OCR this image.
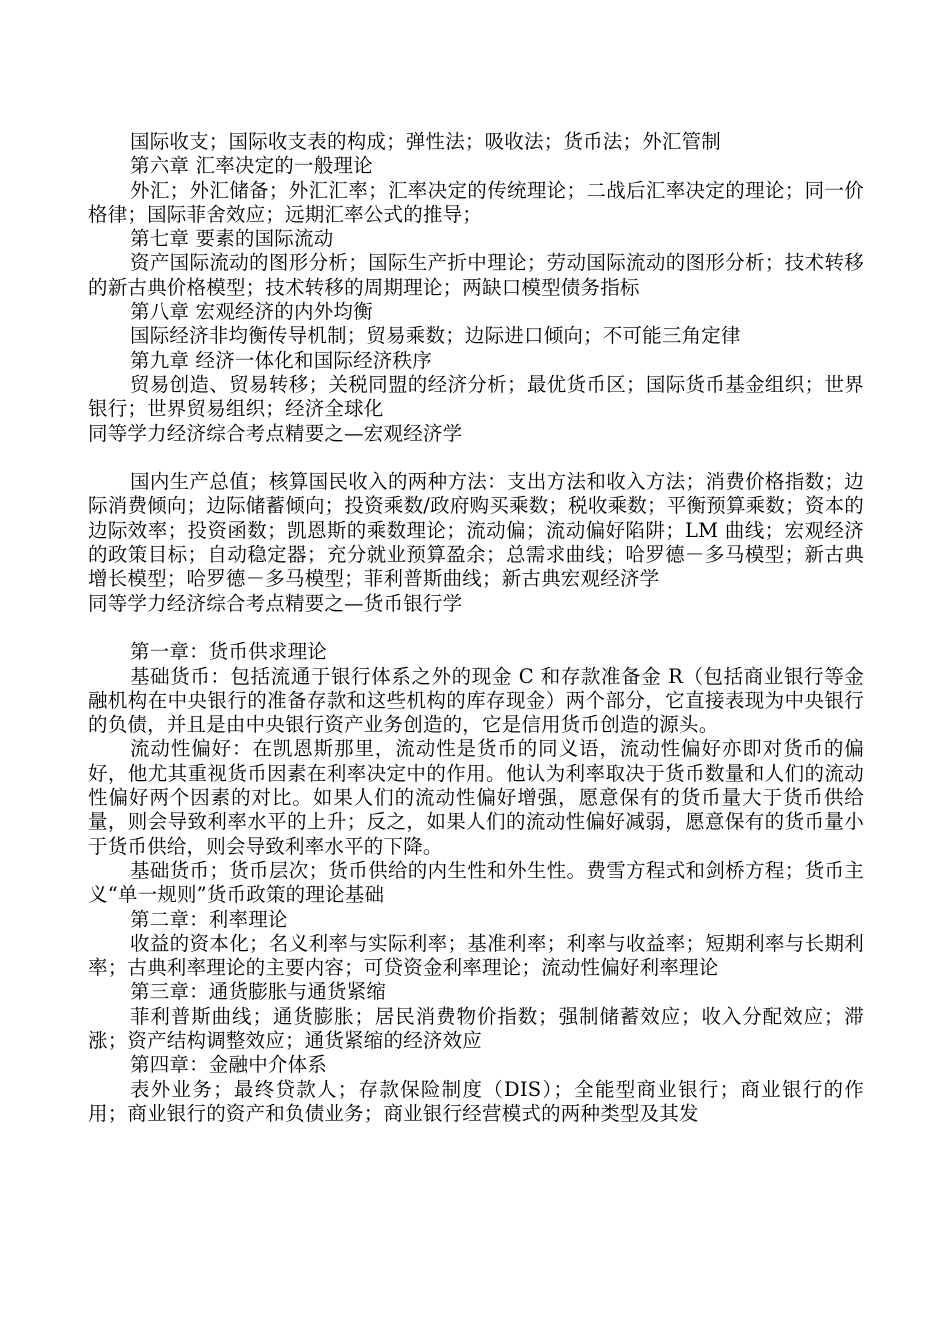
国际收支；国际收支表的构成；弹性法；吸收法；货币法；外汇管制

第六章 汇率决定的一般理论

外汇；外汇储备；外汇汇率；汇率决定的传统理论；二战后汇率决定的理论；同一价格律；国际菲舍效应；远期汇率公式的推导；

第七章 要素的国际流动

资产国际流动的图形分析；国际生产折中理论；劳动国际流动的图形分析；技术转移的新古典价格模型；技术转移的周期理论；两缺口模型债务指标

第八章 宏观经济的内外均衡

国际经济非均衡传导机制；贸易乘数；边际进口倾向；不可能三角定律

第九章 经济一体化和国际经济秩序

贸易创造、贸易转移；关税同盟的经济分析；最优货币区；国际货币基金组织；世界银行；世界贸易组织；经济全球化

同等学力经济综合考点精要之—宏观经济学

国内生产总值；核算国民收入的两种方法：支出方法和收入方法；消费价格指数；边际消费倾向；边际储蓄倾向；投资乘数/政府购买乘数；税收乘数；平衡预算乘数；资本的边际效率；投资函数；凯恩斯的乘数理论；流动偏；流动偏好陷阱；LM 曲线；宏观经济的政策目标；自动稳定器；充分就业预算盈余；总需求曲线；哈罗德－多马模型；新古典增长模型；哈罗德－多马模型；菲利普斯曲线；新古典宏观经济学

同等学力经济综合考点精要之—货币银行学

第一章：货币供求理论

基础货币：包括流通于银行体系之外的现金 C 和存款准备金 R（包括商业银行等金融机构在中央银行的准备存款和这些机构的库存现金）两个部分，它直接表现为中央银行的负债，并且是由中央银行资产业务创造的，它是信用货币创造的源头。

流动性偏好：在凯恩斯那里，流动性是货币的同义语，流动性偏好亦即对货币的偏好，他尤其重视货币因素在利率决定中的作用。他认为利率取决于货币数量和人们的流动性偏好两个因素的对比。如果人们的流动性偏好增强，愿意保有的货币量大于货币供给量，则会导致利率水平的上升；反之，如果人们的流动性偏好减弱，愿意保有的货币量小于货币供给，则会导致利率水平的下降。

基础货币；货币层次；货币供给的内生性和外生性。费雪方程式和剑桥方程；货币主义“单一规则”货币政策的理论基础

第二章：利率理论

收益的资本化；名义利率与实际利率；基准利率；利率与收益率；短期利率与长期利率；古典利率理论的主要内容；可贷资金利率理论；流动性偏好利率理论

第三章：通货膨胀与通货紧缩

菲利普斯曲线；通货膨胀；居民消费物价指数；强制储蓄效应；收入分配效应；滞涨；资产结构调整效应；通货紧缩的经济效应

第四章：金融中介体系

表外业务；最终贷款人；存款保险制度（DIS）；全能型商业银行；商业银行的作用；商业银行的资产和负债业务；商业银行经营模式的两种类型及其发
